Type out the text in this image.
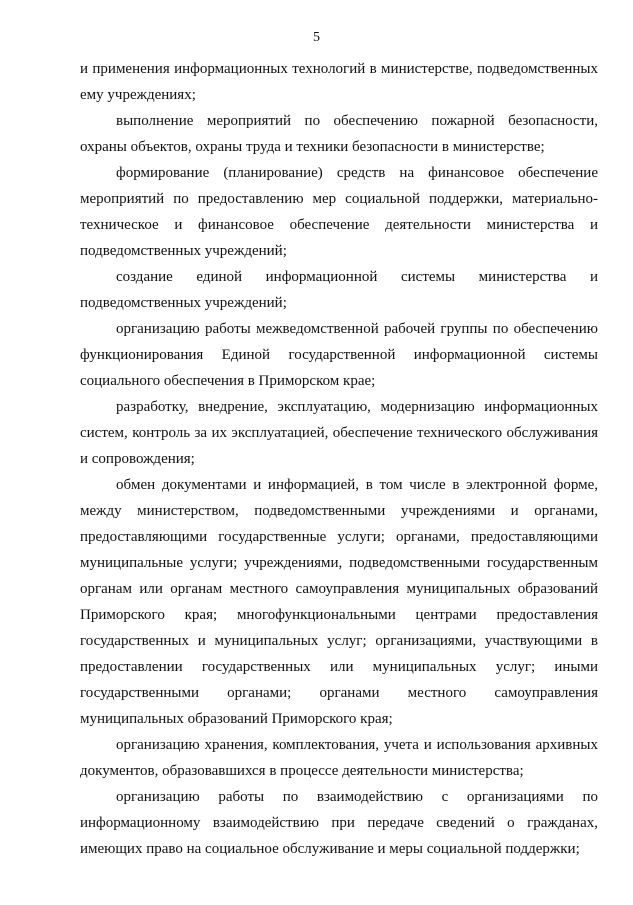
5

и применения информационных технологий в министерстве, подведомственных ему учреждениях;

выполнение мероприятий по обеспечению пожарной безопасности, охраны объектов, охраны труда и техники безопасности в министерстве;

формирование (планирование) средств на финансовое обеспечение мероприятий по предоставлению мер социальной поддержки, материально-техническое и финансовое обеспечение деятельности министерства и подведомственных учреждений;

создание единой информационной системы министерства и подведомственных учреждений;

организацию работы межведомственной рабочей группы по обеспечению функционирования Единой государственной информационной системы социального обеспечения в Приморском крае;

разработку, внедрение, эксплуатацию, модернизацию информационных систем, контроль за их эксплуатацией, обеспечение технического обслуживания и сопровождения;

обмен документами и информацией, в том числе в электронной форме, между министерством, подведомственными учреждениями и органами, предоставляющими государственные услуги; органами, предоставляющими муниципальные услуги; учреждениями, подведомственными государственным органам или органам местного самоуправления муниципальных образований Приморского края; многофункциональными центрами предоставления государственных и муниципальных услуг; организациями, участвующими в предоставлении государственных или муниципальных услуг; иными государственными органами; органами местного самоуправления муниципальных образований Приморского края;

организацию хранения, комплектования, учета и использования архивных документов, образовавшихся в процессе деятельности министерства;

организацию работы по взаимодействию с организациями по информационному взаимодействию при передаче сведений о гражданах, имеющих право на социальное обслуживание и меры социальной поддержки;
